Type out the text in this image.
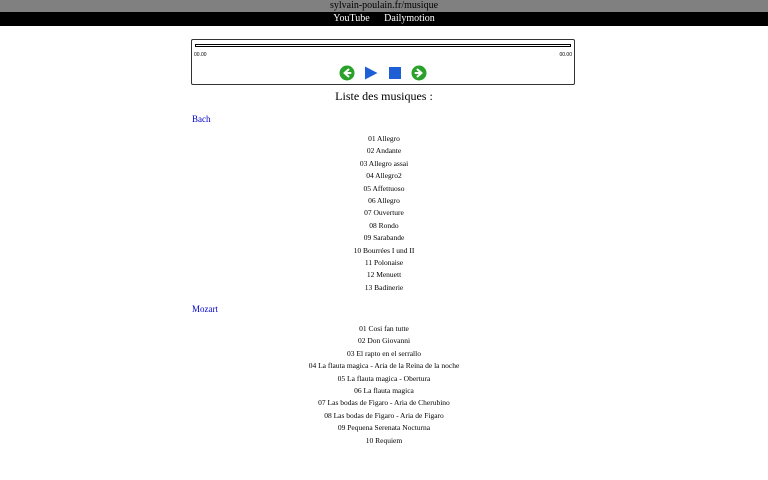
sylvain-poulain.fr/musique
YouTube Dailymotion
00.00	00.00

Liste des musiques :
Bach
01 Allegro
02 Andante
03 Allegro assai
04 Allegro2
05 Affettuoso
06 Allegro
07 Ouverture
08 Rondo
09 Sarabande
10 Bourrées I und II
11 Polonaise
12 Menuett
13 Badinerie
Mozart
01 Cosi fan tutte
02 Don Giovanni
03 El rapto en el serrallo
04 La flauta magica - Aria de la Reina de la noche
05 La flauta magica - Obertura
06 La flauta magica
07 Las bodas de Figaro - Aria de Cherubino
08 Las bodas de Figaro - Aria de Figaro
09 Pequena Serenata Nocturna
10 Requiem
